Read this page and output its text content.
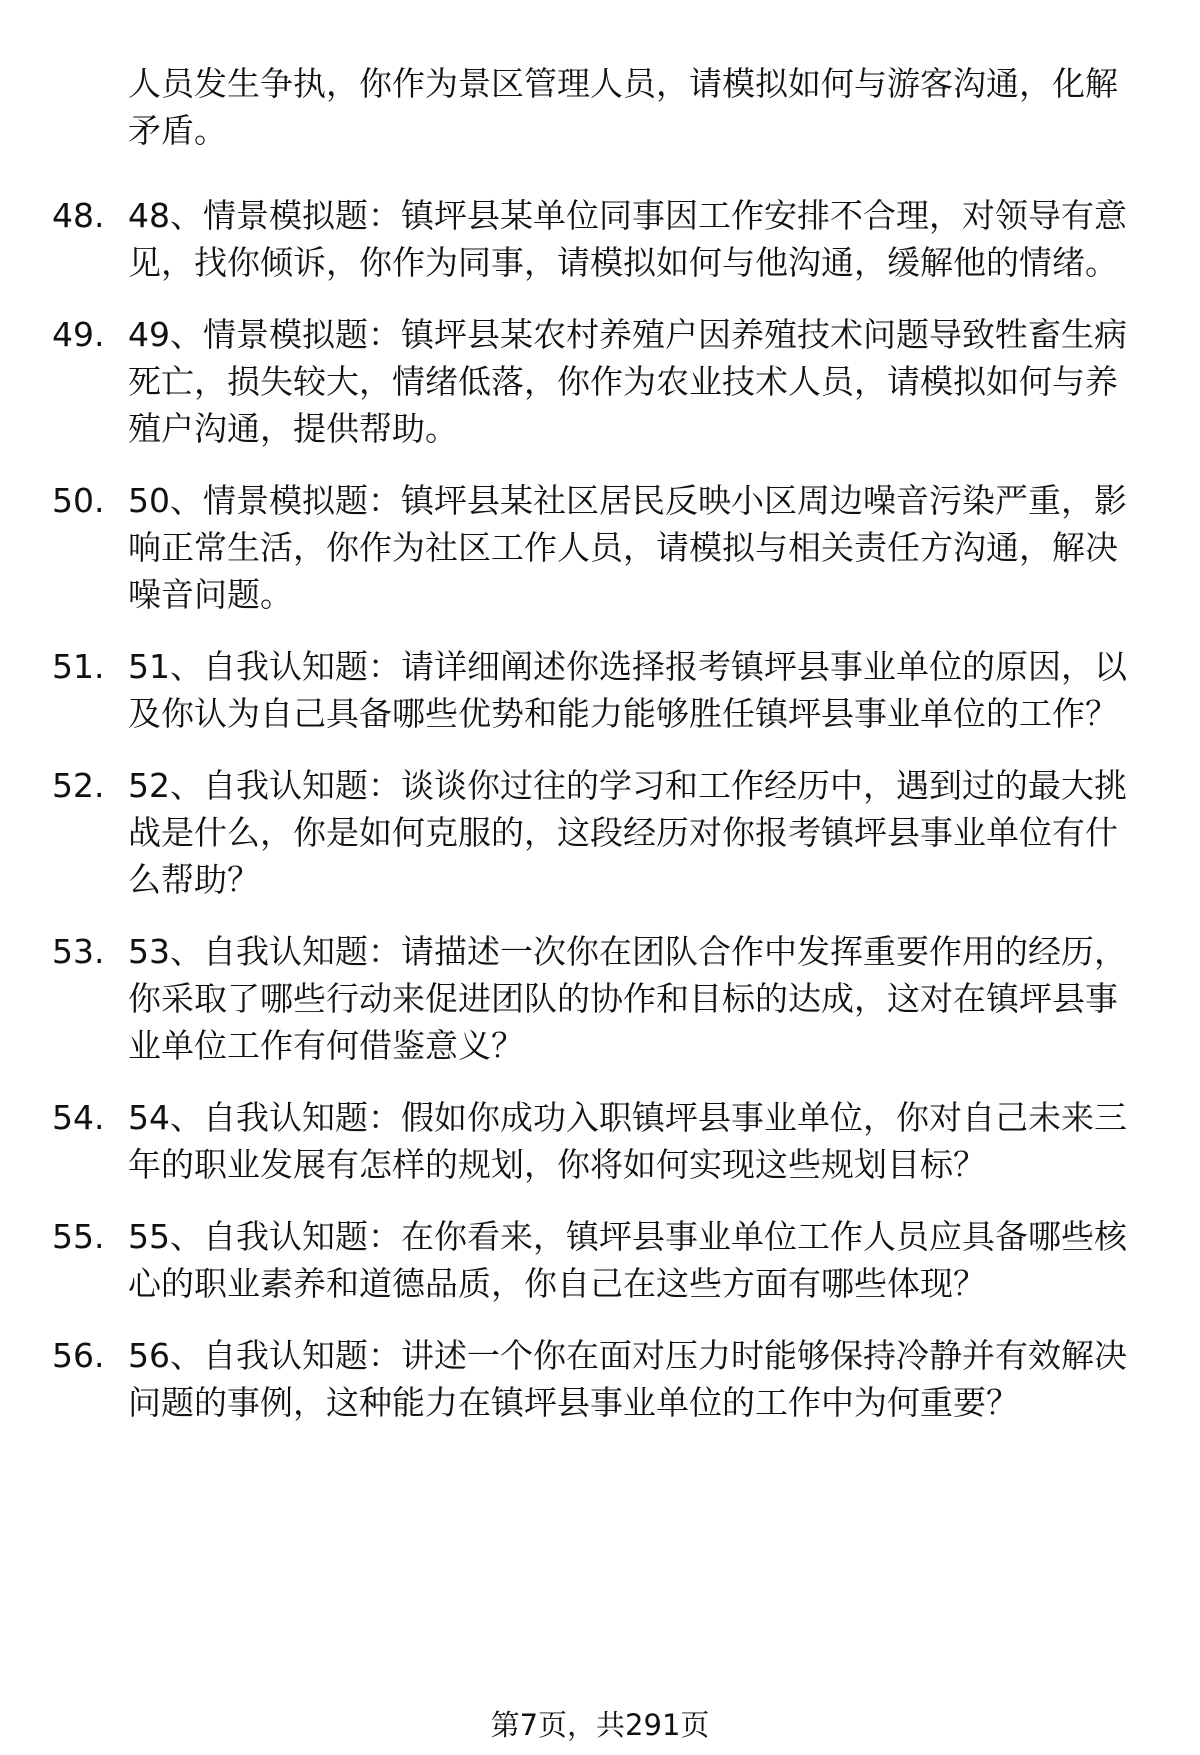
人员发生争执，你作为景区管理人员，请模拟如何与游客沟通，化解矛盾。
48. 48、情景模拟题：镇坪县某单位同事因工作安排不合理，对领导有意见，找你倾诉，你作为同事，请模拟如何与他沟通，缓解他的情绪。
49. 49、情景模拟题：镇坪县某农村养殖户因养殖技术问题导致牲畜生病死亡，损失较大，情绪低落，你作为农业技术人员，请模拟如何与养殖户沟通，提供帮助。
50. 50、情景模拟题：镇坪县某社区居民反映小区周边噪音污染严重，影响正常生活，你作为社区工作人员，请模拟与相关责任方沟通，解决噪音问题。
51. 51、自我认知题：请详细阐述你选择报考镇坪县事业单位的原因，以及你认为自己具备哪些优势和能力能够胜任镇坪县事业单位的工作？
52. 52、自我认知题：谈谈你过往的学习和工作经历中，遇到过的最大挑战是什么，你是如何克服的，这段经历对你报考镇坪县事业单位有什么帮助？
53. 53、自我认知题：请描述一次你在团队合作中发挥重要作用的经历，你采取了哪些行动来促进团队的协作和目标的达成，这对在镇坪县事业单位工作有何借鉴意义？
54. 54、自我认知题：假如你成功入职镇坪县事业单位，你对自己未来三年的职业发展有怎样的规划，你将如何实现这些规划目标？
55. 55、自我认知题：在你看来，镇坪县事业单位工作人员应具备哪些核心的职业素养和道德品质，你自己在这些方面有哪些体现？
56. 56、自我认知题：讲述一个你在面对压力时能够保持冷静并有效解决问题的事例，这种能力在镇坪县事业单位的工作中为何重要？
第7页，共291页
